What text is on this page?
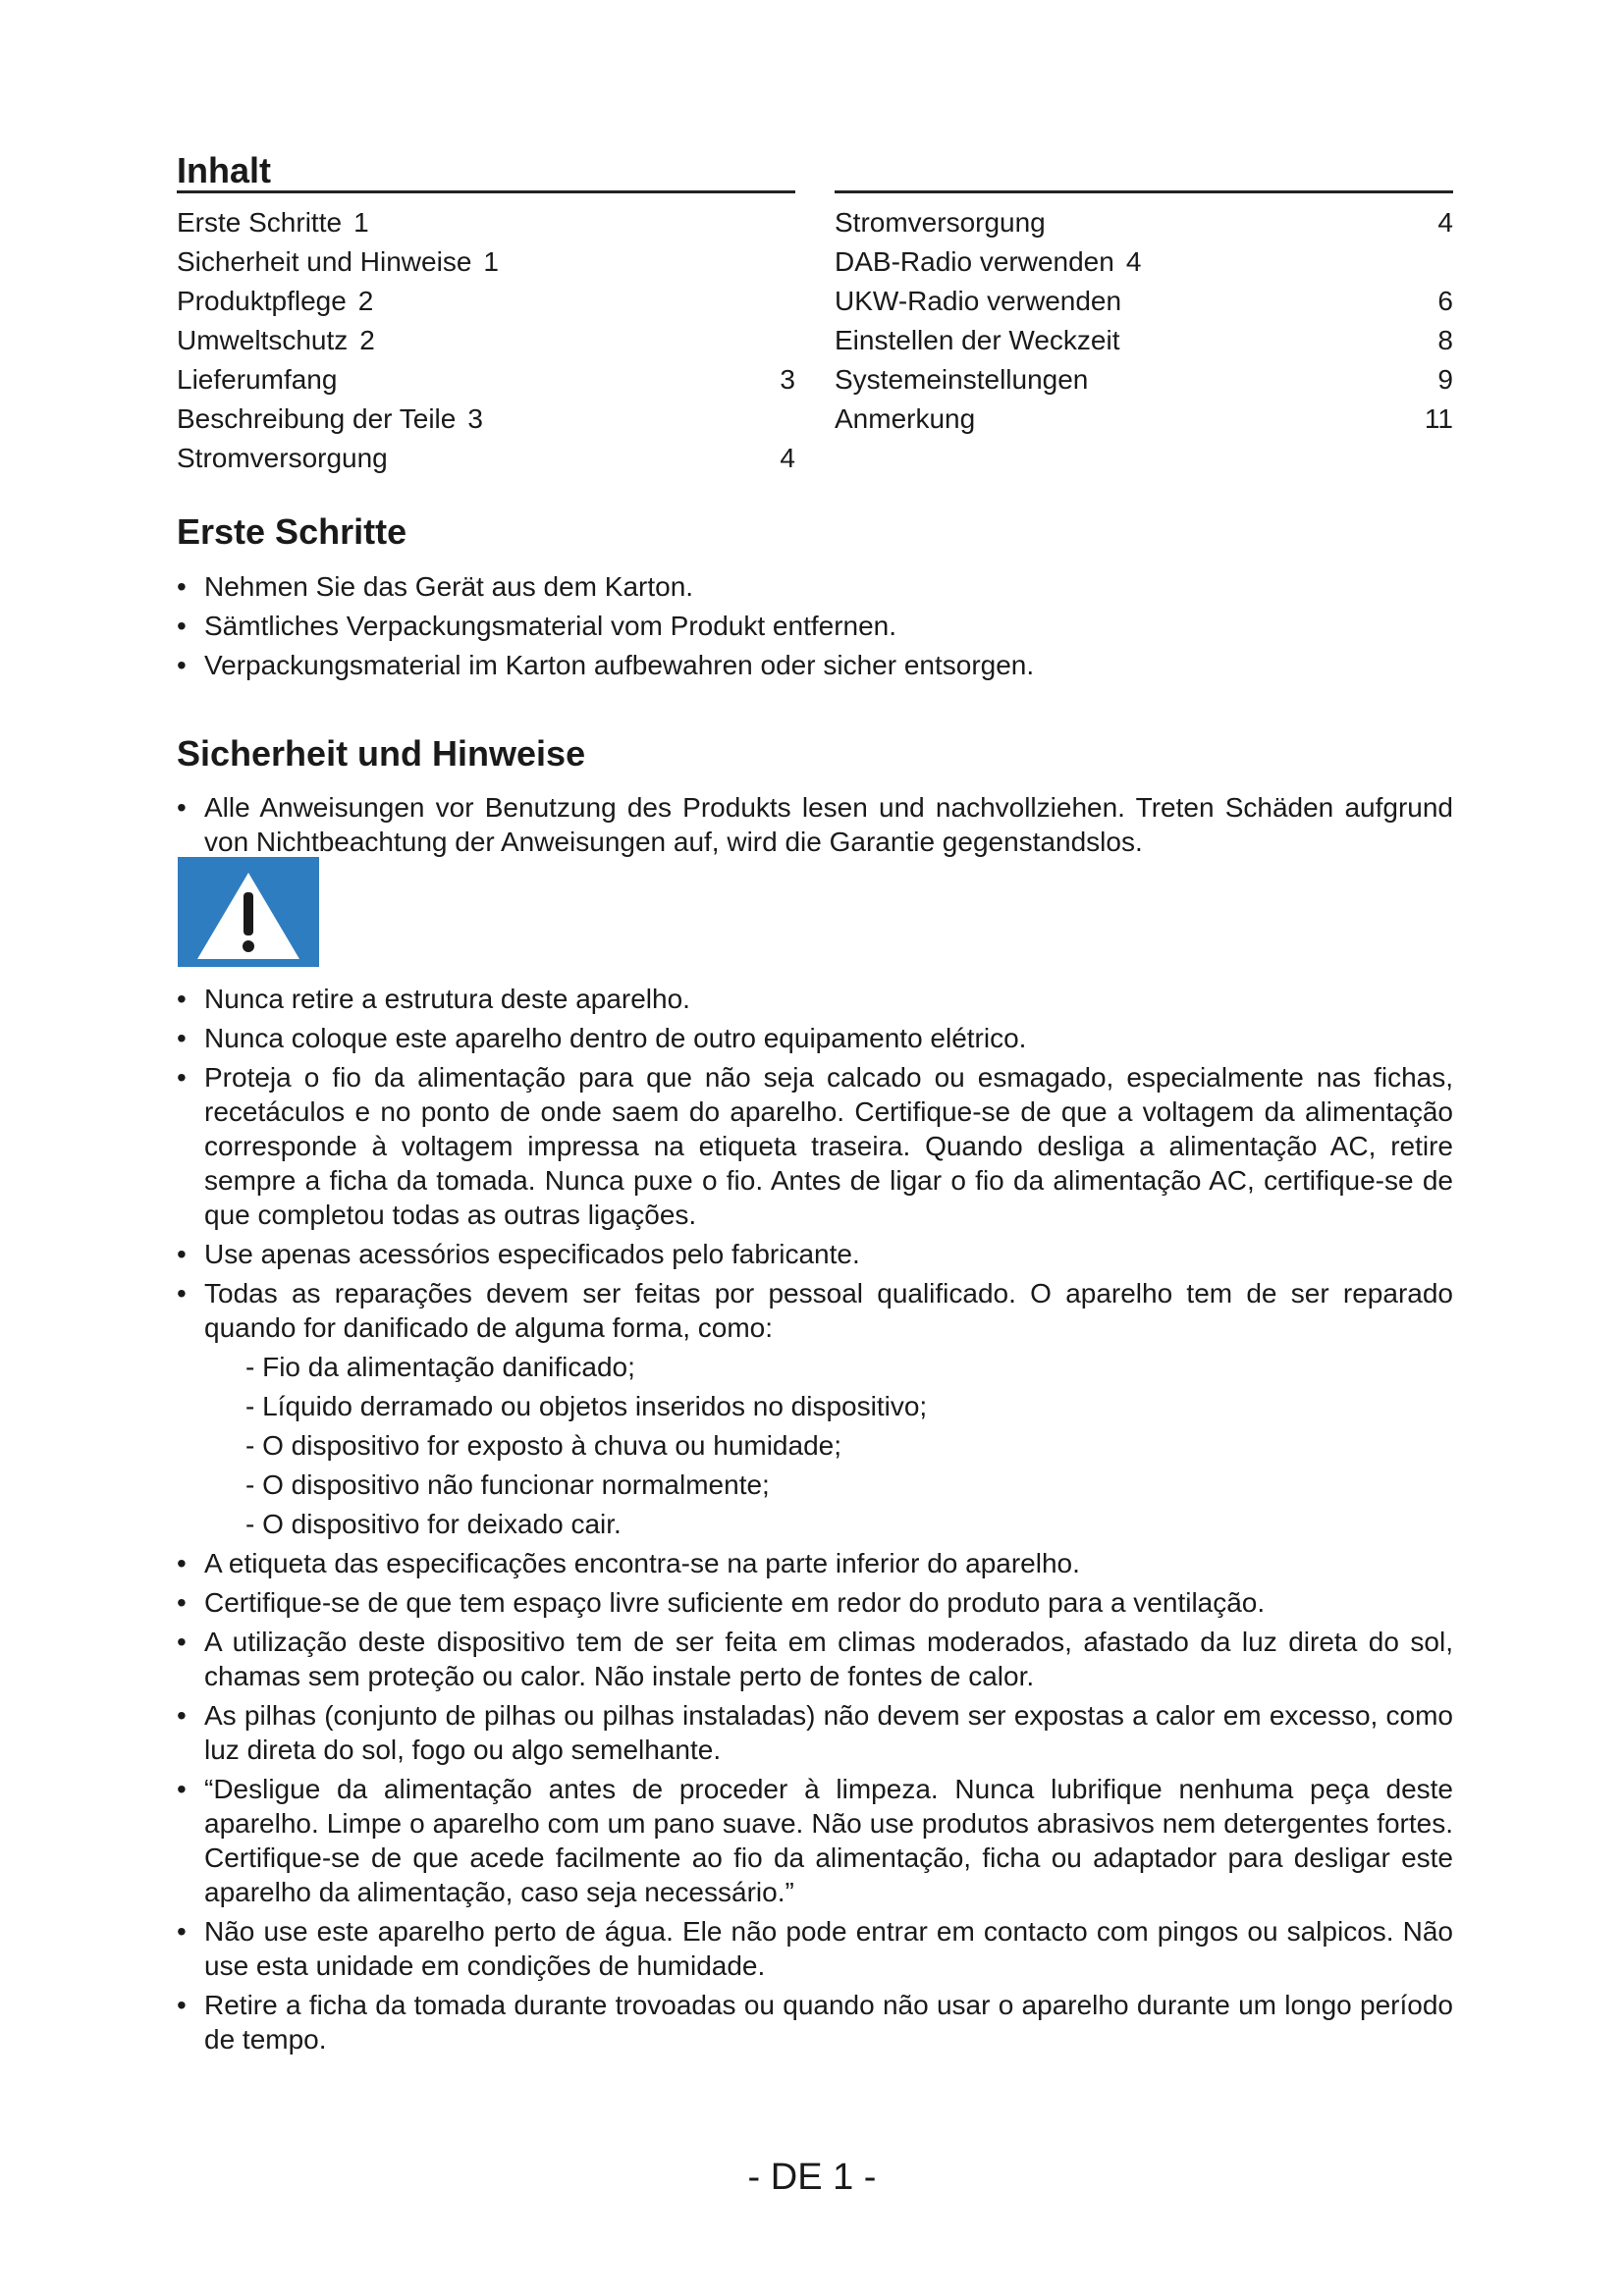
Inhalt
Erste Schritte 1
Sicherheit und Hinweise 1
Produktpflege 2
Umweltschutz 2
Lieferumfang	3
Beschreibung der Teile 3
Stromversorgung	4
Stromversorgung	4
DAB-Radio verwenden 4
UKW-Radio verwenden	6
Einstellen der Weckzeit	8
Systemeinstellungen	9
Anmerkung	11
Erste Schritte
• Nehmen Sie das Gerät aus dem Karton.
• Sämtliches Verpackungsmaterial vom Produkt entfernen.
• Verpackungsmaterial im Karton aufbewahren oder sicher entsorgen.
Sicherheit und Hinweise
• Alle Anweisungen vor Benutzung des Produkts lesen und nachvollziehen. Treten Schäden aufgrund von Nichtbeachtung der Anweisungen auf, wird die Garantie gegenstandslos.
• Nunca retire a estrutura deste aparelho.
• Nunca coloque este aparelho dentro de outro equipamento elétrico.
• Proteja o fio da alimentação para que não seja calcado ou esmagado, especialmente nas fichas, recetáculos e no ponto de onde saem do aparelho. Certifique-se de que a voltagem da alimentação corresponde à voltagem impressa na etiqueta traseira. Quando desliga a alimentação AC, retire sempre a ficha da tomada. Nunca puxe o fio. Antes de ligar o fio da alimentação AC, certifique-se de que completou todas as outras ligações.
• Use apenas acessórios especificados pelo fabricante.
• Todas as reparações devem ser feitas por pessoal qualificado. O aparelho tem de ser reparado quando for danificado de alguma forma, como:
- Fio da alimentação danificado;
- Líquido derramado ou objetos inseridos no dispositivo;
- O dispositivo for exposto à chuva ou humidade;
- O dispositivo não funcionar normalmente;
- O dispositivo for deixado cair.
• A etiqueta das especificações encontra-se na parte inferior do aparelho.
• Certifique-se de que tem espaço livre suficiente em redor do produto para a ventilação.
• A utilização deste dispositivo tem de ser feita em climas moderados, afastado da luz direta do sol, chamas sem proteção ou calor. Não instale perto de fontes de calor.
• As pilhas (conjunto de pilhas ou pilhas instaladas) não devem ser expostas a calor em excesso, como luz direta do sol, fogo ou algo semelhante.
• “Desligue da alimentação antes de proceder à limpeza. Nunca lubrifique nenhuma peça deste aparelho. Limpe o aparelho com um pano suave. Não use produtos abrasivos nem detergentes fortes. Certifique-se de que acede facilmente ao fio da alimentação, ficha ou adaptador para desligar este aparelho da alimentação, caso seja necessário.”
• Não use este aparelho perto de água. Ele não pode entrar em contacto com pingos ou salpicos. Não use esta unidade em condições de humidade.
• Retire a ficha da tomada durante trovoadas ou quando não usar o aparelho durante um longo período de tempo.
- DE 1 -
